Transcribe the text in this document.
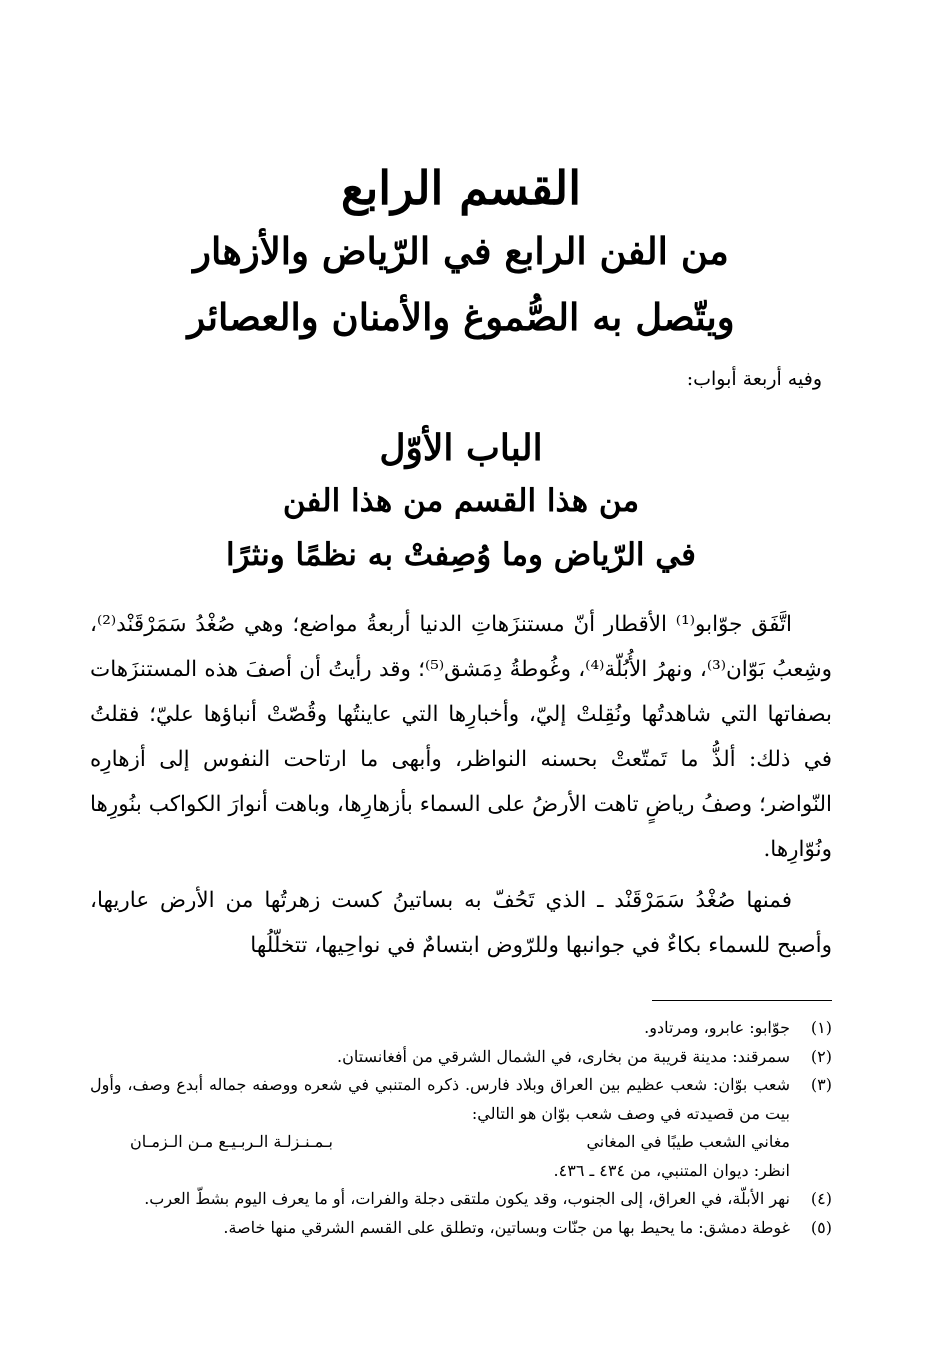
القسم الرابع
من الفن الرابع في الرّياض والأزهار
ويتّصل به الصُّموغ والأمنان والعصائر
وفيه أربعة أبواب:
الباب الأوّل
من هذا القسم من هذا الفن
في الرّياض وما وُصِفتْ به نظمًا ونثرًا

اتَّفَق جوّابو⁽¹⁾ الأقطار أنّ مستنزَهاتِ الدنيا أربعةُ مواضع؛ وهي صُغْدُ سَمَرْقَنْد⁽²⁾، وشِعبُ بَوّان⁽³⁾، ونهرُ الأُبُلّة⁽⁴⁾، وغُوطةُ دِمَشق⁽⁵⁾؛ وقد رأيتُ أن أصفَ هذه المستنزَهات بصفاتها التي شاهدتُها ونُقِلتْ إليّ، وأخبارِها التي عاينتُها وقُصّتْ أنباؤها عليّ؛ فقلتُ في ذلك: ألذُّ ما تَمتّعتْ بحسنه النواظر، وأبهى ما ارتاحت النفوس إلى أزهارِه النّواضر؛ وصفُ رياضٍ تاهت الأرضُ على السماء بأزهارِها، وباهت أنوارَ الكواكب بنُورِها ونُوّارِها.

فمنها صُغْدُ سَمَرْقَنْد ـ الذي تَحُفّ به بساتينُ كست زهرتُها من الأرض عاريها، وأصبح للسماء بكاءٌ في جوانبها وللرّوض ابتسامٌ في نواحِيها، تتخلّلُها

(١)
جوّابو: عابرو، ومرتادو.
(٢)
سمرقند: مدينة قريبة من بخارى، في الشمال الشرقي من أفغانستان.
(٣)
شعب بوّان: شعب عظيم بين العراق وبلاد فارس. ذكره المتنبي في شعره ووصفه جماله أبدع وصف، وأول بيت من قصيدته في وصف شعب بوّان هو التالي:
مغاني الشعب طيبًا في المغاني
بـمـنـزلـة الـربـيـع مـن الـزمـان
انظر: ديوان المتنبي، من ٤٣٤ ـ ٤٣٦.
(٤)
نهر الأبلّة، في العراق، إلى الجنوب، وقد يكون ملتقى دجلة والفرات، أو ما يعرف اليوم بشطّ العرب.
(٥)
غوطة دمشق: ما يحيط بها من جنّات وبساتين، وتطلق على القسم الشرقي منها خاصة.
